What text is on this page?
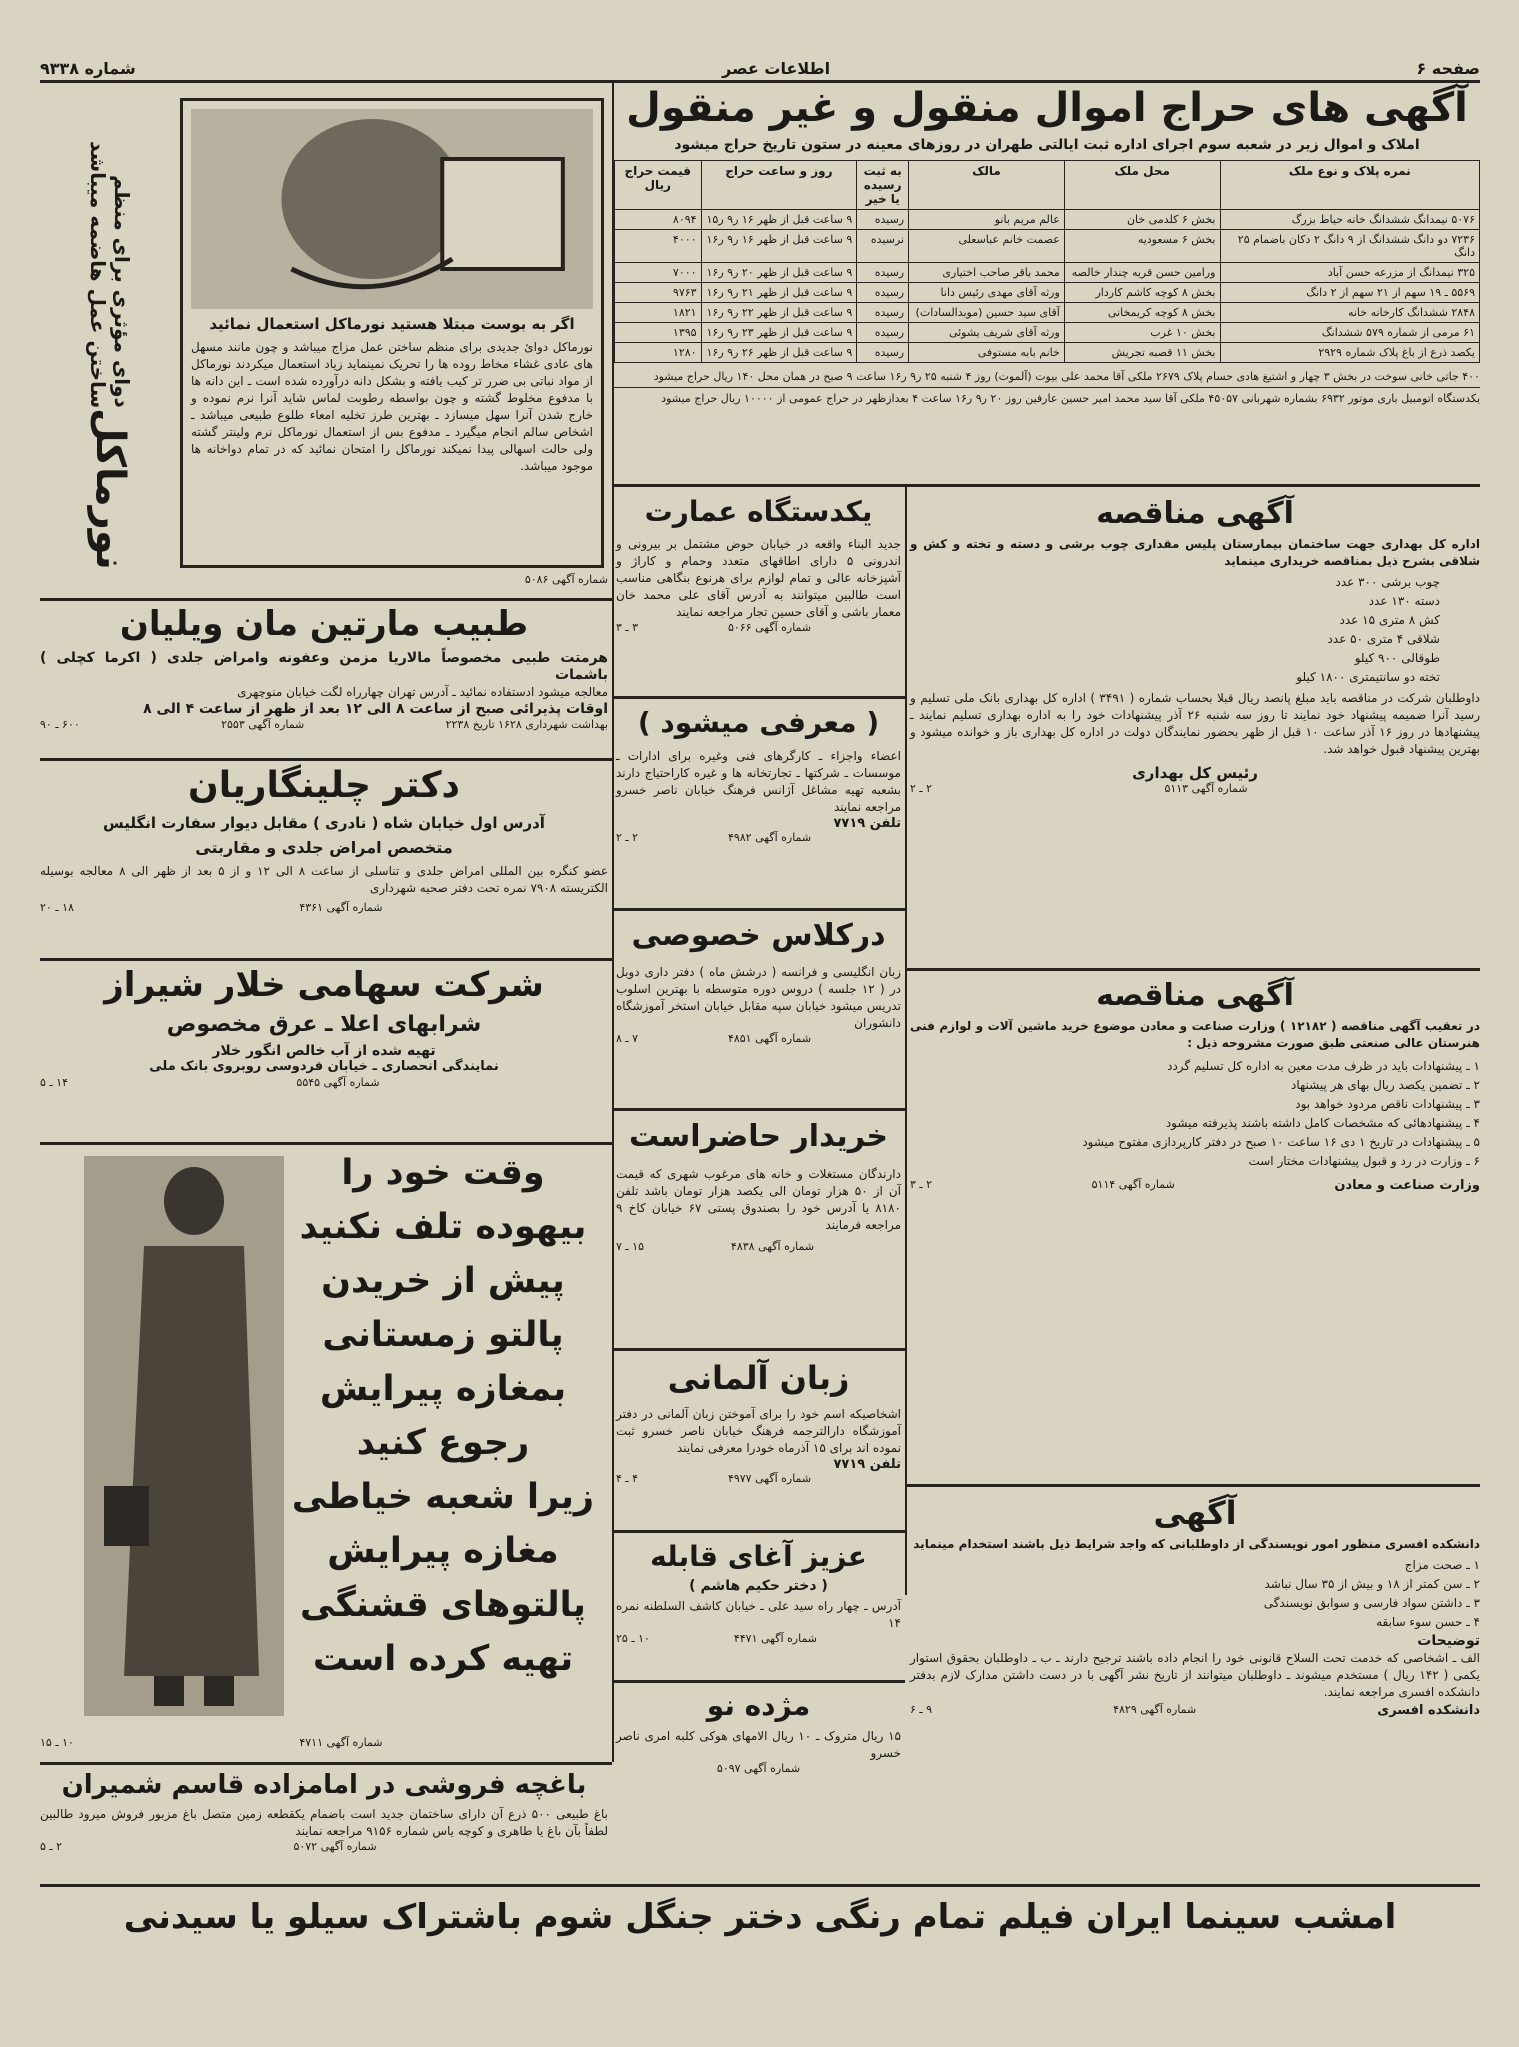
صفحه ۶
اطلاعات عصر
شماره ۹۳۳۸
آگهی های حراج اموال منقول و غیر منقول
املاک و اموال زیر در شعبه سوم اجرای اداره ثبت ایالتی طهران در روزهای معینه در ستون تاریخ حراج میشود
نمره پلاک و نوع ملک	محل ملک	مالک	به ثبت رسیده یا خیر	روز و ساعت حراج	قیمت حراج ریال
۵۰۷۶ نیمدانگ ششدانگ خانه حیاط بزرگ	بخش ۶ کلدمی خان	عالم مریم بانو	رسیده	۹ ساعت قبل از ظهر ۱۶ ر۹ ر۱۵	۸۰۹۴
۷۲۳۶ دو دانگ ششدانگ از ۹ دانگ ۲ دکان باضمام ۲۵ دانگ	بخش ۶ مسعودیه	عصمت خانم عباسعلی	نرسیده	۹ ساعت قبل از ظهر ۱۶ ر۹ ر۱۶	۴۰۰۰
۳۲۵ نیمدانگ از مزرعه حسن آباد	ورامین حسن قریه چندار خالصه	محمد باقر صاحب اختیاری	رسیده	۹ ساعت قبل از ظهر ۲۰ ر۹ ر۱۶	۷۰۰۰
۵۵۶۹ ـ ۱۹ سهم از ۲۱ سهم از ۲ دانگ	بخش ۸ کوچه کاشم کاردار	ورثه آقای مهدی رئیس دانا	رسیده	۹ ساعت قبل از ظهر ۲۱ ر۹ ر۱۶	۹۷۶۳
۲۸۴۸ ششدانگ کارخانه خانه	بخش ۸ کوچه کریمخانی	آقای سید حسین (موبدالسادات)	رسیده	۹ ساعت قبل از ظهر ۲۲ ر۹ ر۱۶	۱۸۲۱
۶۱ مرمی از شماره ۵۷۹ ششدانگ	بخش ۱۰ غرب	ورثه آقای شریف یشوئی	رسیده	۹ ساعت قبل از ظهر ۲۳ ر۹ ر۱۶	۱۳۹۵
یکصد ذرع از باغ پلاک شماره ۲۹۲۹	بخش ۱۱ قصبه تجریش	خانم بابه مستوفی	رسیده	۹ ساعت قبل از ظهر ۲۶ ر۹ ر۱۶	۱۲۸۰
۴۰۰ جاتی خانی سوخت در بخش ۳ چهار و اشتیغ هادی حسام پلاک ۲۶۷۹ ملکی آقا محمد علی بیوت (آلموت) روز ۴ شنبه ۲۵ ر۹ ر۱۶ ساعت ۹ صبح در همان محل ۱۴۰ ریال حراج میشود
یکدستگاه اتومبیل باری موتور ۶۹۳۲ بشماره شهربانی ۴۵۰۵۷ ملکی آقا سید محمد امیر حسین عارفین روز ۲۰ ر۹ ر۱۶ ساعت ۴ بعدازظهر در حراج عمومی از ۱۰۰۰۰ ریال حراج میشود
اگر به بوست مبتلا هستید نورماکل استعمال نمائید
نورماکل دوائ جدیدی برای منظم ساختن عمل مزاج میباشد و چون مانند مسهل های عادی غشاء مخاط روده ها را تحریک نمینماید زیاد استعمال میکردند نورماکل از مواد نباتی بی ضرر تر کیب یافته و بشکل دانه درآورده شده است ـ این دانه ها با مدفوع مخلوط گشته و چون بواسطه رطوبت لماس شاید آنرا نرم نموده و خارج شدن آنرا سهل میسازد ـ بهترین طرز تخلیه امعاء طلوع طبیعی میباشد ـ اشخاص سالم انجام میگیرد ـ مدفوع بس از استعمال نورماکل نرم ولینتر گشته ولی حالت اسهالی پیدا نمیکند نورماکل را امتحان نمائید که در تمام دواخانه ها موجود میباشد.
نورماکل
دوای مؤثری برای منظم ساختن عمل هاضمه میباشد
شماره آگهی ۵۰۸۶
طبیب مارتین مان ویلیان
هرمتت طبیی مخصوصاً مالاریا مزمن وعفونه وامراض جلدی ( اکرما کچلی ) باشمات
معالجه میشود ادستفاده نمائید ـ آدرس تهران چهارراه لگت خیابان منوچهری
اوقات پذیرائی صبح از ساعت ۸ الی ۱۲ بعد از ظهر از ساعت ۴ الی ۸
بهداشت شهرداری ۱۶۲۸ تاریخ ۲۲۳۸
شماره آگهی ۲۵۵۳
۶۰۰ ـ ۹۰
دکتر چلینگاریان
آدرس اول خیابان شاه ( نادری ) مقابل دیوار سفارت انگلیس
متخصص امراض جلدی و مقاربتی
عضو کنگره بین المللی امراض جلدی و تناسلی از ساعت ۸ الی ۱۲ و از ۵ بعد از ظهر الی ۸ معالجه بوسیله الکتریسته ۷۹۰۸ نمره تحت دفتر صحیه شهرداری
شماره آگهی ۴۳۶۱
۱۸ ـ ۲۰
شرکت سهامی خلار شیراز
شرابهای اعلا ـ عرق مخصوص
تهیه شده از آب خالص انگور خلار
نمایندگی انحصاری ـ خیابان فردوسی روبروی بانک ملی
شماره آگهی ۵۵۴۵
۱۴ ـ ۵
وقت خود را
بیهوده تلف نکنید
پیش از خریدن
پالتو زمستانی
بمغازه پیرایش
رجوع کنید
زیرا شعبه خیاطی
مغازه پیرایش
پالتوهای قشنگی
تهیه کرده است
شماره آگهی ۴۷۱۱
۱۰ ـ ۱۵
باغچه فروشی در امامزاده قاسم شمیران
باغ طبیعی ۵۰۰ ذرع آن دارای ساختمان جدید است باضمام یکقطعه زمین متصل باغ مزبور فروش میرود طالبین لطفاً بآن باغ یا طاهری و کوچه یاس شماره ۹۱۵۶ مراجعه نمایند
شماره آگهی ۵۰۷۲
۲ ـ ۵
یکدستگاه عمارت
جدید البناء واقعه در خیابان حوض مشتمل بر بیرونی و اندرونی ۵ دارای اطاقهای متعدد وحمام و کاراژ و آشپزخانه عالی و تمام لوازم برای هرنوع بنگاهی مناسب است طالبین میتوانند به آدرس آقای علی محمد خان معمار باشی و آقای حسین تجار مراجعه نمایند
شماره آگهی ۵۰۶۶
۳ ـ ۳
( معرفی میشود )
اعضاء واجزاء ـ کارگرهای فنی وغیره برای ادارات ـ موسسات ـ شرکتها ـ تجارتخانه ها و غیره کاراحتیاج دارند بشعبه تهیه مشاغل آژانس فرهنگ خیابان ناصر خسرو مراجعه نمایند
تلفن ۷۷۱۹
شماره آگهی ۴۹۸۲
۲ ـ ۲
درکلاس خصوصی
زبان انگلیسی و فرانسه ( درشش ماه ) دفتر داری دوبل در ( ۱۲ جلسه ) دروس دوره متوسطه با بهترین اسلوب تدریس میشود خیابان سپه مقابل خیابان استخر آموزشگاه دانشوران
شماره آگهی ۴۸۵۱
۷ ـ ۸
خریدار حاضراست
دارندگان مستغلات و خانه های مرغوب شهری که قیمت آن از ۵۰ هزار تومان الی یکصد هزار تومان باشد تلفن ۸۱۸۰ یا آدرس خود را بصندوق پستی ۶۷ خیابان کاخ ۹ مراجعه فرمایند
شماره آگهی ۴۸۳۸
۱۵ ـ ۷
زبان آلمانی
اشخاصیکه اسم خود را برای آموختن زبان آلمانی در دفتر آموزشگاه دارالترجمه فرهنگ خیابان ناصر خسرو ثبت نموده اند برای ۱۵ آذرماه خودرا معرفی نمایند
تلفن ۷۷۱۹
شماره آگهی ۴۹۷۷
۴ ـ ۴
عزیز آغای قابله
( دختر حکیم هاشم )
آدرس ـ چهار راه سید علی ـ خیابان کاشف السلطنه نمره ۱۴
شماره آگهی ۴۴۷۱
۱۰ ـ ۲۵
مژده نو
۱۵ ریال متروک ـ ۱۰ ریال الامهای هوکی کلبه امری ناصر خسرو
شماره آگهی ۵۰۹۷
آگهی مناقصه
اداره کل بهداری جهت ساختمان بیمارستان پلیس مقداری چوب برشی و دسته و تخته و کش و شلاقی بشرح ذیل بمناقصه خریداری مینماید
چوب برشی ۳۰۰ عدد
دسته ۱۳۰ عدد
کش ۸ متری ۱۵ عدد
شلاقی ۴ متری ۵۰ عدد
طوقالی ۹۰۰ کیلو
تخته دو سانتیمتری ۱۸۰۰ کیلو
داوطلبان شرکت در مناقصه باید مبلغ پانصد ریال قبلا بحساب شماره ( ۳۴۹۱ ) اداره کل بهداری بانک ملی تسلیم و رسید آنرا ضمیمه پیشنهاد خود نمایند تا روز سه شنبه ۲۶ آذر پیشنهادات خود را به اداره بهداری تسلیم نمایند ـ پیشنهادها در روز ۱۶ آذر ساعت ۱۰ قبل از ظهر بحضور نمایندگان دولت در اداره کل بهداری باز و خوانده میشود و بهترین پیشنهاد قبول خواهد شد.
رئیس کل بهداری
شماره آگهی ۵۱۱۳
۲ ـ ۲
آگهی مناقصه
در تعقیب آگهی مناقصه ( ۱۲۱۸۲ ) وزارت صناعت و معادن موضوع خرید ماشین آلات و لوازم فنی هنرستان عالی صنعتی طبق صورت مشروحه ذیل :
۱ ـ پیشنهادات باید در ظرف مدت معین به اداره کل تسلیم گردد
۲ ـ تضمین یکصد ریال بهای هر پیشنهاد
۳ ـ پیشنهادات ناقص مردود خواهد بود
۴ ـ پیشنهادهائی که مشخصات کامل داشته باشند پذیرفته میشود
۵ ـ پیشنهادات در تاریخ ۱ دی ۱۶ ساعت ۱۰ صبح در دفتر کارپردازی مفتوح میشود
۶ ـ وزارت در رد و قبول پیشنهادات مختار است
وزارت صناعت و معادن
شماره آگهی ۵۱۱۴
۲ ـ ۳
آگهی
دانشکده افسری منظور امور نویسندگی از داوطلبانی که واجد شرایط ذیل باشند استخدام مینماید
۱ ـ صحت مزاج
۲ ـ سن کمتر از ۱۸ و بیش از ۳۵ سال نباشد
۳ ـ داشتن سواد فارسی و سوابق نویسندگی
۴ ـ حسن سوء سابقه
توضیحات
الف ـ اشخاصی که خدمت تحت السلاح قانونی خود را انجام داده باشند ترجیح دارند ـ ب ـ داوطلبان بحقوق استوار یکمی ( ۱۴۲ ریال ) مستخدم میشوند ـ داوطلبان میتوانند از تاریخ نشر آگهی با در دست داشتن مدارک لازم بدفتر دانشکده افسری مراجعه نمایند.
دانشکده افسری
شماره آگهی ۴۸۲۹
۹ ـ ۶
امشب سینما ایران فیلم تمام رنگی دختر جنگل شوم باشتراک سیلو یا سیدنی
